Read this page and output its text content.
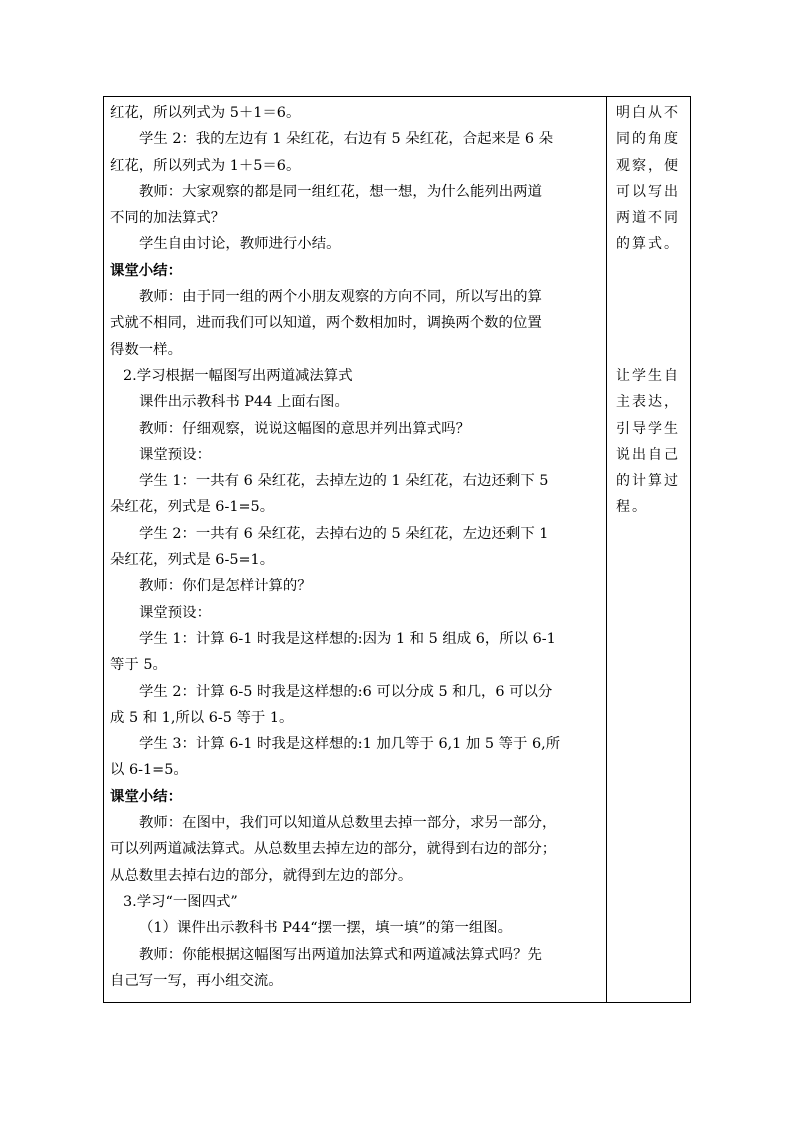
红花，所以列式为 5＋1＝6。
学生 2：我的左边有 1 朵红花，右边有 5 朵红花，合起来是 6 朵
红花，所以列式为 1＋5＝6。
教师：大家观察的都是同一组红花，想一想，为什么能列出两道
不同的加法算式？
学生自由讨论，教师进行小结。
课堂小结：
教师：由于同一组的两个小朋友观察的方向不同，所以写出的算
式就不相同，进而我们可以知道，两个数相加时，调换两个数的位置
得数一样。
2.学习根据一幅图写出两道减法算式
课件出示教科书 P44 上面右图。
教师：仔细观察，说说这幅图的意思并列出算式吗？
课堂预设：
学生 1：一共有 6 朵红花，去掉左边的 1 朵红花，右边还剩下 5
朵红花，列式是 6-1=5。
学生 2：一共有 6 朵红花，去掉右边的 5 朵红花，左边还剩下 1
朵红花，列式是 6-5=1。
教师：你们是怎样计算的？
课堂预设：
学生 1：计算 6-1 时我是这样想的:因为 1 和 5 组成 6，所以 6-1
等于 5。
学生 2：计算 6-5 时我是这样想的:6 可以分成 5 和几，6 可以分
成 5 和 1,所以 6-5 等于 1。
学生 3：计算 6-1 时我是这样想的:1 加几等于 6,1 加 5 等于 6,所
以 6-1=5。
课堂小结：
教师：在图中，我们可以知道从总数里去掉一部分，求另一部分，
可以列两道减法算式。从总数里去掉左边的部分，就得到右边的部分；
从总数里去掉右边的部分，就得到左边的部分。
3.学习“一图四式”
（1）课件出示教科书 P44“摆一摆，填一填”的第一组图。
教师：你能根据这幅图写出两道加法算式和两道减法算式吗？先
自己写一写，再小组交流。
明白从不
同的角度
观察，便
可以写出
两道不同
的算式。
让学生自
主表达，
引导学生
说出自己
的计算过
程。
